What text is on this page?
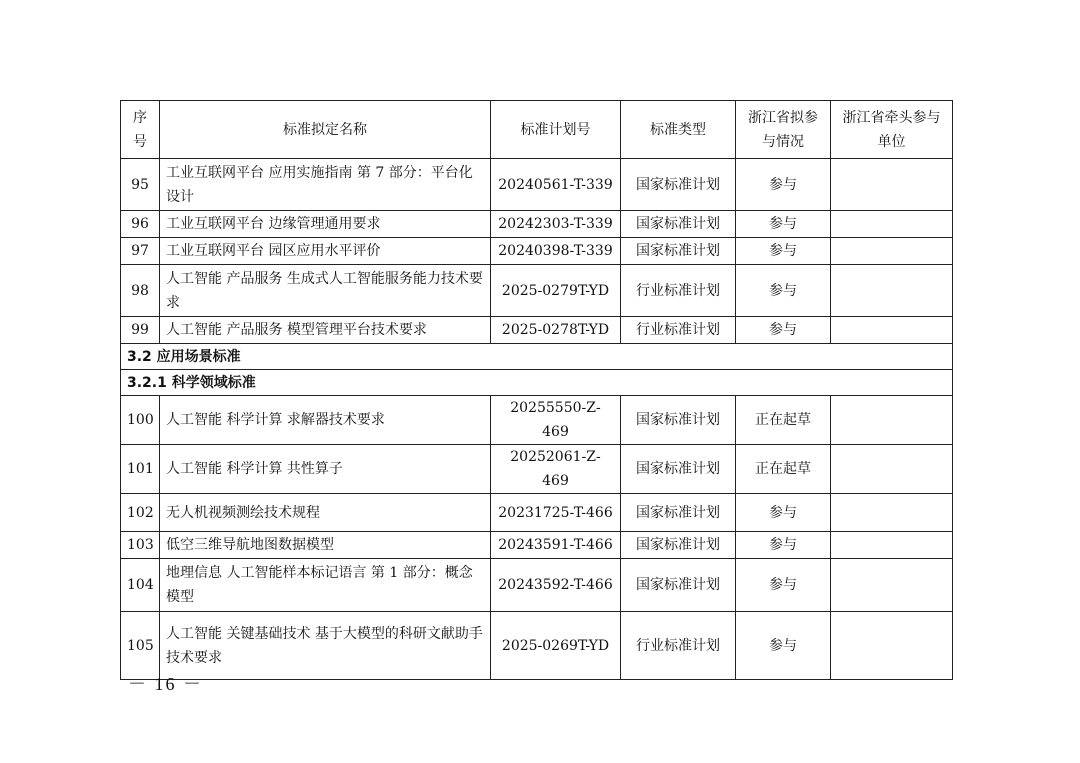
序号	标准拟定名称	标准计划号	标准类型	浙江省拟参与情况	浙江省牵头参与单位
95	工业互联网平台 应用实施指南 第 7 部分：平台化设计	20240561-T-339	国家标准计划	参与	
96	工业互联网平台 边缘管理通用要求	20242303-T-339	国家标准计划	参与	
97	工业互联网平台 园区应用水平评价	20240398-T-339	国家标准计划	参与	
98	人工智能 产品服务 生成式人工智能服务能力技术要求	2025-0279T-YD	行业标准计划	参与	
99	人工智能 产品服务 模型管理平台技术要求	2025-0278T-YD	行业标准计划	参与	
3.2 应用场景标准					
3.2.1 科学领域标准					
100	人工智能 科学计算 求解器技术要求	20255550-Z-469	国家标准计划	正在起草	
101	人工智能 科学计算 共性算子	20252061-Z-469	国家标准计划	正在起草	
102	无人机视频测绘技术规程	20231725-T-466	国家标准计划	参与	
103	低空三维导航地图数据模型	20243591-T-466	国家标准计划	参与	
104	地理信息 人工智能样本标记语言 第 1 部分：概念模型	20243592-T-466	国家标准计划	参与	
105	人工智能 关键基础技术 基于大模型的科研文献助手技术要求	2025-0269T-YD	行业标准计划	参与	
－ 16 －
